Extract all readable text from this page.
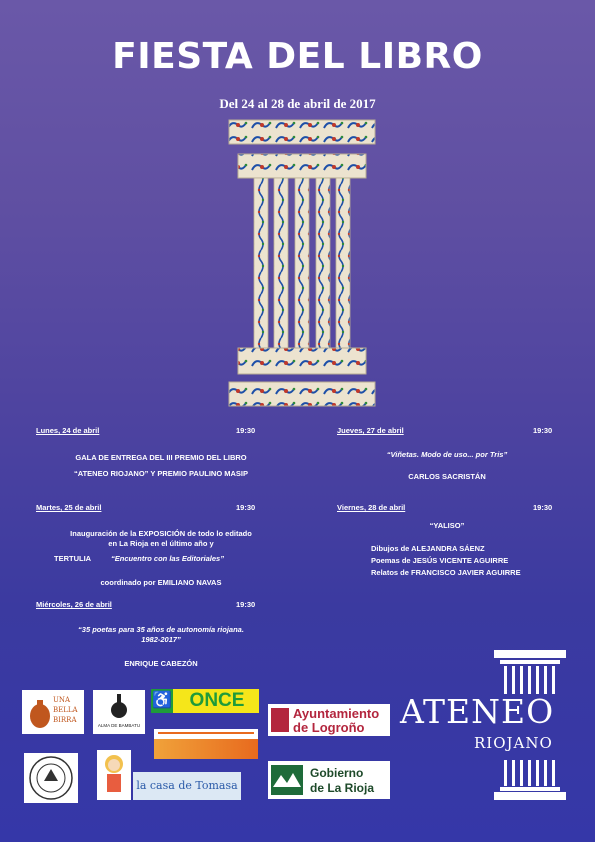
FIESTA DEL LIBRO
Del 24 al 28 de abril de 2017
Lunes, 24 de abril	19:30
GALA DE ENTREGA DEL III PREMIO DEL LIBRO
“ATENEO RIOJANO” Y PREMIO PAULINO MASIP
Martes, 25 de abril	19:30
Inauguración de la EXPOSICIÓN de todo lo editado
en La Rioja en el último año y
TERTULIA	“Encuentro con las Editoriales”
coordinado por EMILIANO NAVAS
Miércoles, 26 de abril	19:30
“35 poetas para 35 años de autonomía riojana.
1982-2017”
ENRIQUE CABEZÓN
Jueves, 27 de abril	19:30
“Viñetas. Modo de uso... por Tris”
CARLOS SACRISTÁN
Viernes, 28 de abril	19:30
“YALISO”
Dibujos de ALEJANDRA SÁENZ
Poemas de JESÚS VICENTE AGUIRRE
Relatos de FRANCISCO JAVIER AGUIRRE
UNA BELLA BIRRA
ALMA DE BAMBATU
♿ ONCE
la casa de Tomasa
Ayuntamiento
de Logroño
Gobierno
de La Rioja
ATENEO
RIOJANO
